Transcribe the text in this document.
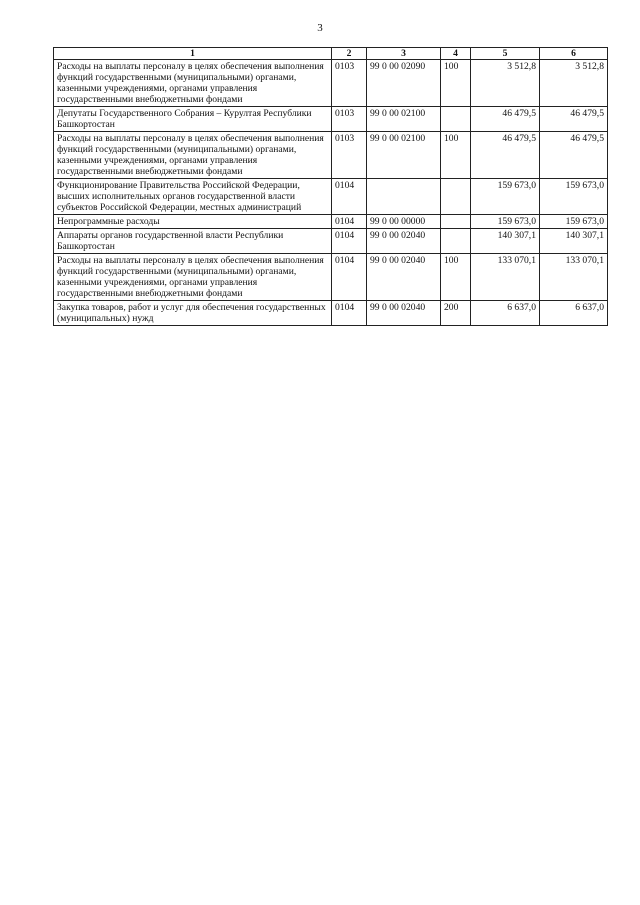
3
1	2	3	4	5	6
Расходы на выплаты персоналу в целях обеспечения выполнения функций государственными (муниципальными) органами, казенными учреждениями, органами управления государственными внебюджетными фондами	0103	99 0 00 02090	100	3 512,8	3 512,8
Депутаты Государственного Собрания – Курултая Республики Башкортостан	0103	99 0 00 02100		46 479,5	46 479,5
Расходы на выплаты персоналу в целях обеспечения выполнения функций государственными (муниципальными) органами, казенными учреждениями, органами управления государственными внебюджетными фондами	0103	99 0 00 02100	100	46 479,5	46 479,5
Функционирование Правительства Российской Федерации, высших исполнительных органов государственной власти субъектов Российской Федерации, местных администраций	0104			159 673,0	159 673,0
Непрограммные расходы	0104	99 0 00 00000		159 673,0	159 673,0
Аппараты органов государственной власти Республики Башкортостан	0104	99 0 00 02040		140 307,1	140 307,1
Расходы на выплаты персоналу в целях обеспечения выполнения функций государственными (муниципальными) органами, казенными учреждениями, органами управления государственными внебюджетными фондами	0104	99 0 00 02040	100	133 070,1	133 070,1
Закупка товаров, работ и услуг для обеспечения государственных (муниципальных) нужд	0104	99 0 00 02040	200	6 637,0	6 637,0
